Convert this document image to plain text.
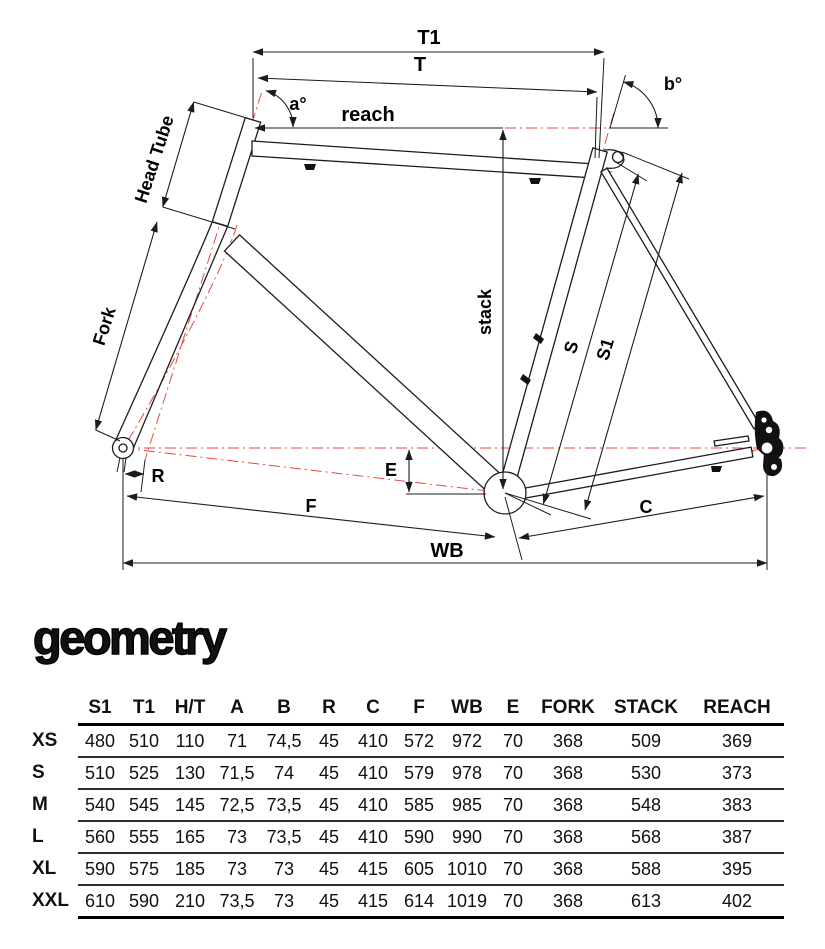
T1
T
reach
stack
a°
b°
Head Tube
Fork
R	E
F	C
WB
S S1
geometry
	S1	T1	H/T	A	B	R	C	F	WB	E	FORK	STACK	REACH
XS	480	510	110	71	74,5	45	410	572	972	70	368	509	369
S	510	525	130	71,5	74	45	410	579	978	70	368	530	373
M	540	545	145	72,5	73,5	45	410	585	985	70	368	548	383
L	560	555	165	73	73,5	45	410	590	990	70	368	568	387
XL	590	575	185	73	73	45	415	605	1010	70	368	588	395
XXL	610	590	210	73,5	73	45	415	614	1019	70	368	613	402
